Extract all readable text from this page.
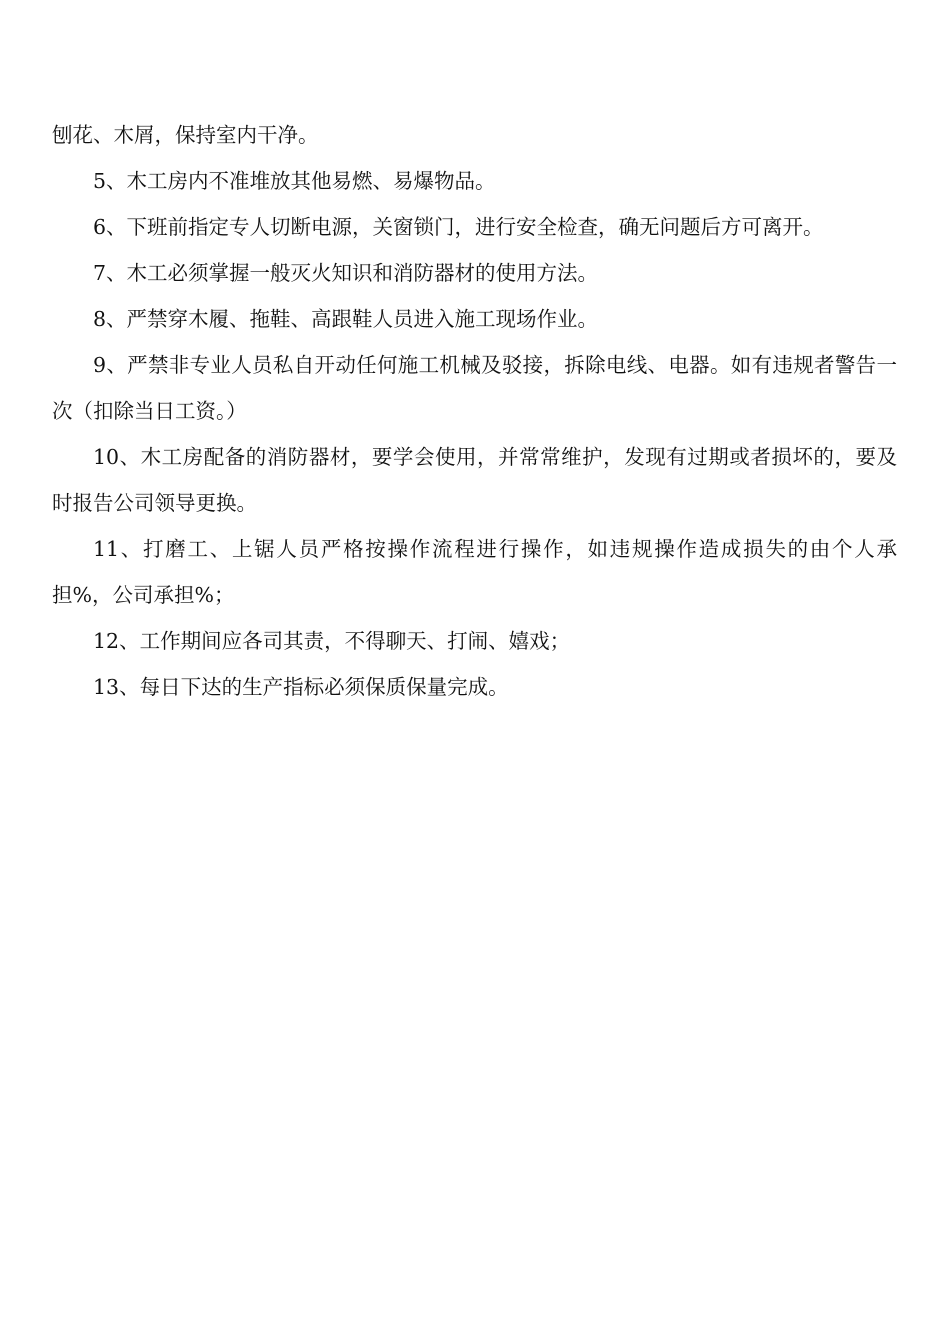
刨花、木屑，保持室内干净。

5、木工房内不准堆放其他易燃、易爆物品。

6、下班前指定专人切断电源，关窗锁门，进行安全检查，确无问题后方可离开。

7、木工必须掌握一般灭火知识和消防器材的使用方法。

8、严禁穿木履、拖鞋、高跟鞋人员进入施工现场作业。

9、严禁非专业人员私自开动任何施工机械及驳接，拆除电线、电器。如有违规者警告一次（扣除当日工资。）

10、木工房配备的消防器材，要学会使用，并常常维护，发现有过期或者损坏的，要及时报告公司领导更换。

11、打磨工、上锯人员严格按操作流程进行操作，如违规操作造成损失的由个人承担%，公司承担%；

12、工作期间应各司其责，不得聊天、打闹、嬉戏；

13、每日下达的生产指标必须保质保量完成。
